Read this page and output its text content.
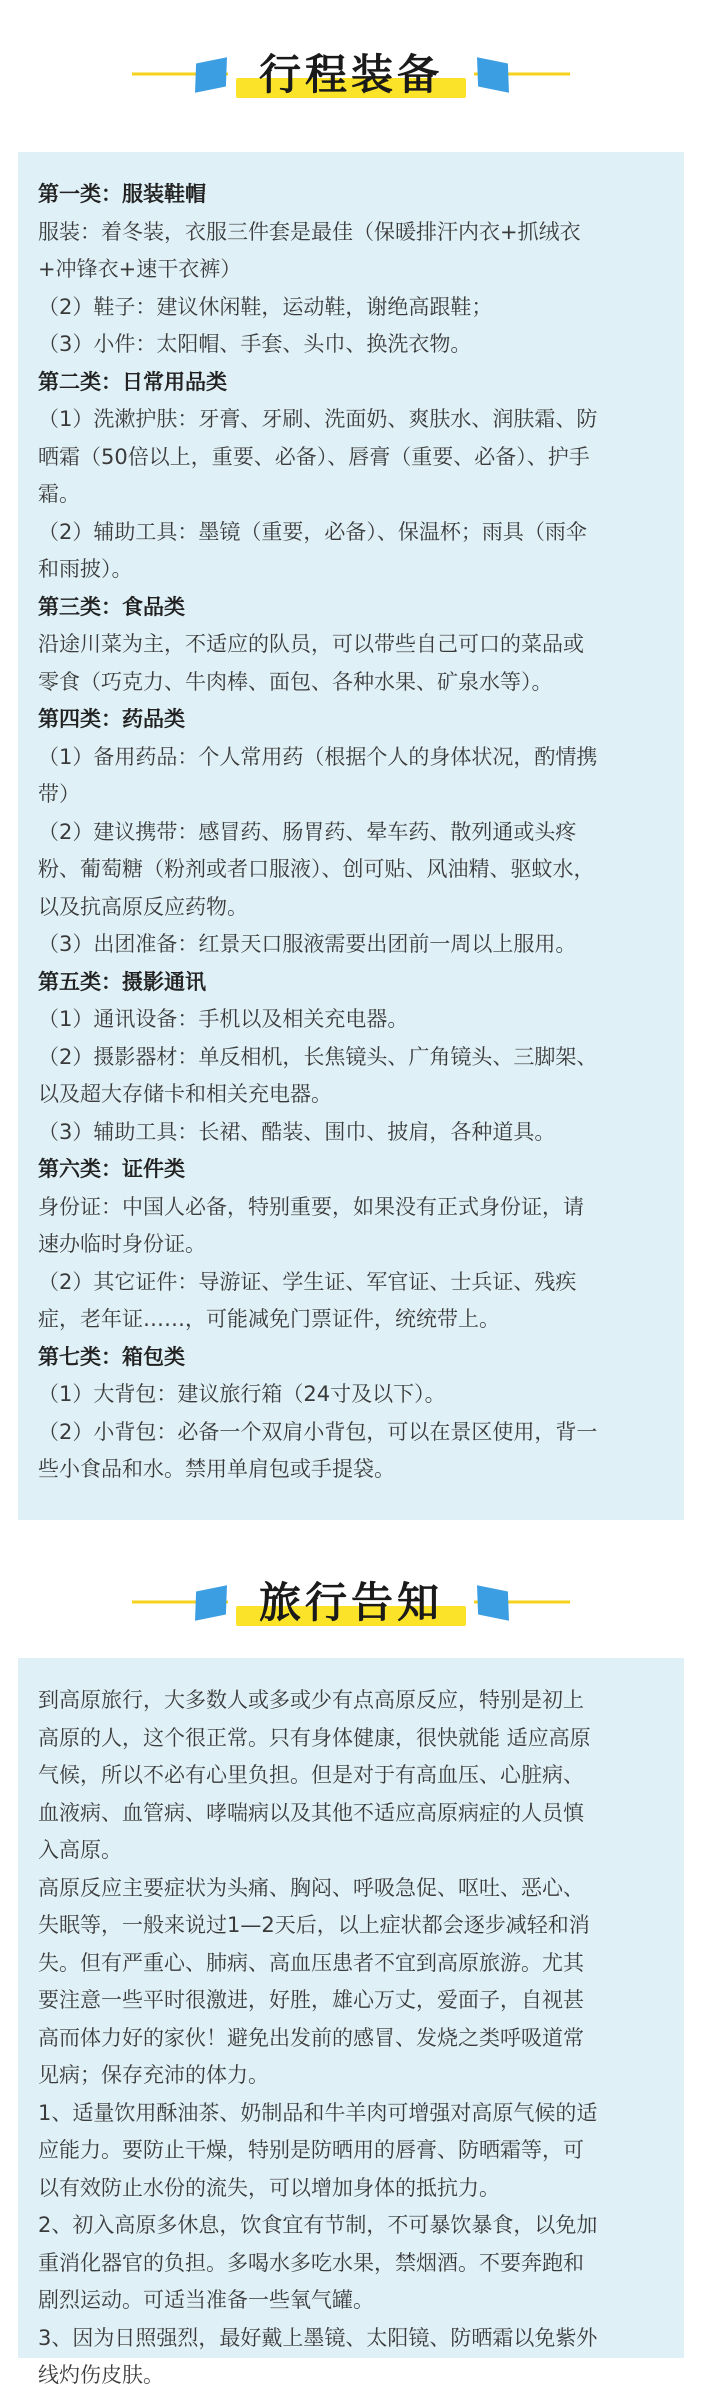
行程装备
第一类：服装鞋帽
服装：着冬装，衣服三件套是最佳（保暖排汗内衣+抓绒衣
+冲锋衣+速干衣裤）
（2）鞋子：建议休闲鞋，运动鞋，谢绝高跟鞋；
（3）小件：太阳帽、手套、头巾、换洗衣物。
第二类：日常用品类
（1）洗漱护肤：牙膏、牙刷、洗面奶、爽肤水、润肤霜、防
晒霜（50倍以上，重要、必备）、唇膏（重要、必备）、护手
霜。
（2）辅助工具：墨镜（重要，必备）、保温杯；雨具（雨伞
和雨披）。
第三类：食品类
沿途川菜为主，不适应的队员，可以带些自己可口的菜品或
零食（巧克力、牛肉棒、面包、各种水果、矿泉水等）。
第四类：药品类
（1）备用药品：个人常用药（根据个人的身体状况，酌情携
带）
（2）建议携带：感冒药、肠胃药、晕车药、散列通或头疼
粉、葡萄糖（粉剂或者口服液）、创可贴、风油精、驱蚊水，
以及抗高原反应药物。
（3）出团准备：红景天口服液需要出团前一周以上服用。
第五类：摄影通讯
（1）通讯设备：手机以及相关充电器。
（2）摄影器材：单反相机，长焦镜头、广角镜头、三脚架、
以及超大存储卡和相关充电器。
（3）辅助工具：长裙、酷装、围巾、披肩，各种道具。
第六类：证件类
身份证：中国人必备，特别重要，如果没有正式身份证，请
速办临时身份证。
（2）其它证件：导游证、学生证、军官证、士兵证、残疾
症，老年证……，可能减免门票证件，统统带上。
第七类：箱包类
（1）大背包：建议旅行箱（24寸及以下）。
（2）小背包：必备一个双肩小背包，可以在景区使用，背一
些小食品和水。禁用单肩包或手提袋。
旅行告知
到高原旅行，大多数人或多或少有点高原反应，特别是初上
高原的人，这个很正常。只有身体健康，很快就能 适应高原
气候，所以不必有心里负担。但是对于有高血压、心脏病、
血液病、血管病、哮喘病以及其他不适应高原病症的人员慎
入高原。
高原反应主要症状为头痛、胸闷、呼吸急促、呕吐、恶心、
失眠等，一般来说过1—2天后，以上症状都会逐步减轻和消
失。但有严重心、肺病、高血压患者不宜到高原旅游。尤其
要注意一些平时很激进，好胜，雄心万丈，爱面子，自视甚
高而体力好的家伙！避免出发前的感冒、发烧之类呼吸道常
见病；保存充沛的体力。
1、适量饮用酥油茶、奶制品和牛羊肉可增强对高原气候的适
应能力。要防止干燥，特别是防晒用的唇膏、防晒霜等，可
以有效防止水份的流失，可以增加身体的抵抗力。
2、初入高原多休息，饮食宜有节制，不可暴饮暴食，以免加
重消化器官的负担。多喝水多吃水果，禁烟酒。不要奔跑和
剧烈运动。可适当准备一些氧气罐。
3、因为日照强烈，最好戴上墨镜、太阳镜、防晒霜以免紫外
线灼伤皮肤。
